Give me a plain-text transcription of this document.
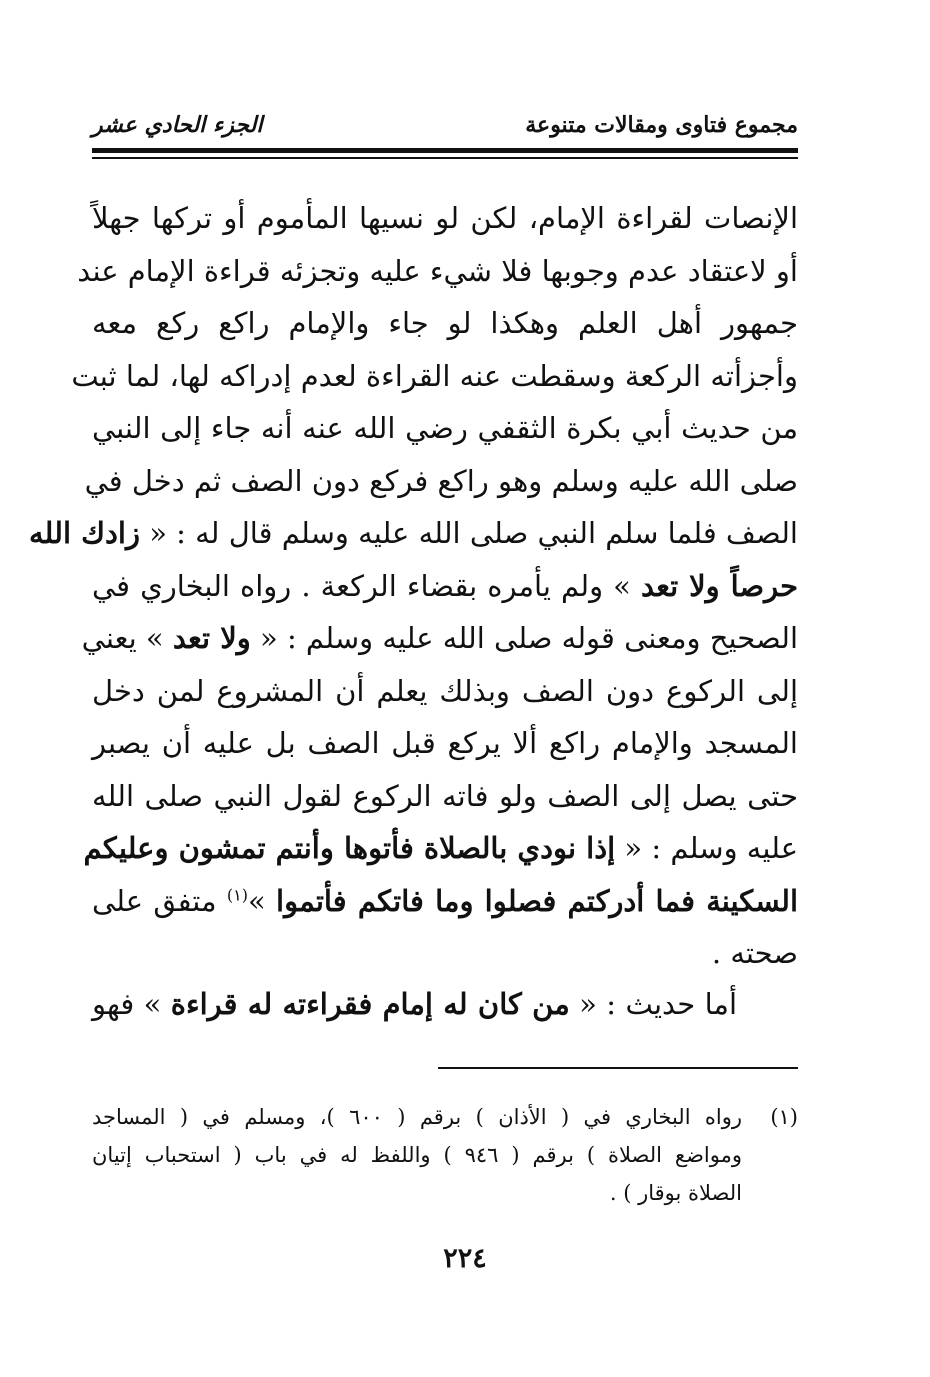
مجموع فتاوى ومقالات متنوعة
الجزء الحادي عشر
الإنصات لقراءة الإمام، لكن لو نسيها المأموم أو تركها جهلاً
أو لاعتقاد عدم وجوبها فلا شيء عليه وتجزئه قراءة الإمام عند
جمهور أهل العلم وهكذا لو جاء والإمام راكع ركع معه
وأجزأته الركعة وسقطت عنه القراءة لعدم إدراكه لها، لما ثبت
من حديث أبي بكرة الثقفي رضي الله عنه أنه جاء إلى النبي
صلى الله عليه وسلم وهو راكع فركع دون الصف ثم دخل في
الصف فلما سلم النبي صلى الله عليه وسلم قال له : « زادك الله
حرصاً ولا تعد » ولم يأمره بقضاء الركعة . رواه البخاري في
الصحيح ومعنى قوله صلى الله عليه وسلم : « ولا تعد » يعني
إلى الركوع دون الصف وبذلك يعلم أن المشروع لمن دخل
المسجد والإمام راكع ألا يركع قبل الصف بل عليه أن يصبر
حتى يصل إلى الصف ولو فاته الركوع لقول النبي صلى الله
عليه وسلم : « إذا نودي بالصلاة فأتوها وأنتم تمشون وعليكم
السكينة فما أدركتم فصلوا وما فاتكم فأتموا »$^{(١)}$ متفق على
صحته .
أما حديث : « من كان له إمام فقراءته له قراءة » فهو
(١)
رواه البخاري في ( الأذان ) برقم ( ٦٠٠ )، ومسلم في ( المساجد
ومواضع الصلاة ) برقم ( ٩٤٦ ) واللفظ له في باب ( استحباب إتيان
الصلاة بوقار ) .
٢٢٤
